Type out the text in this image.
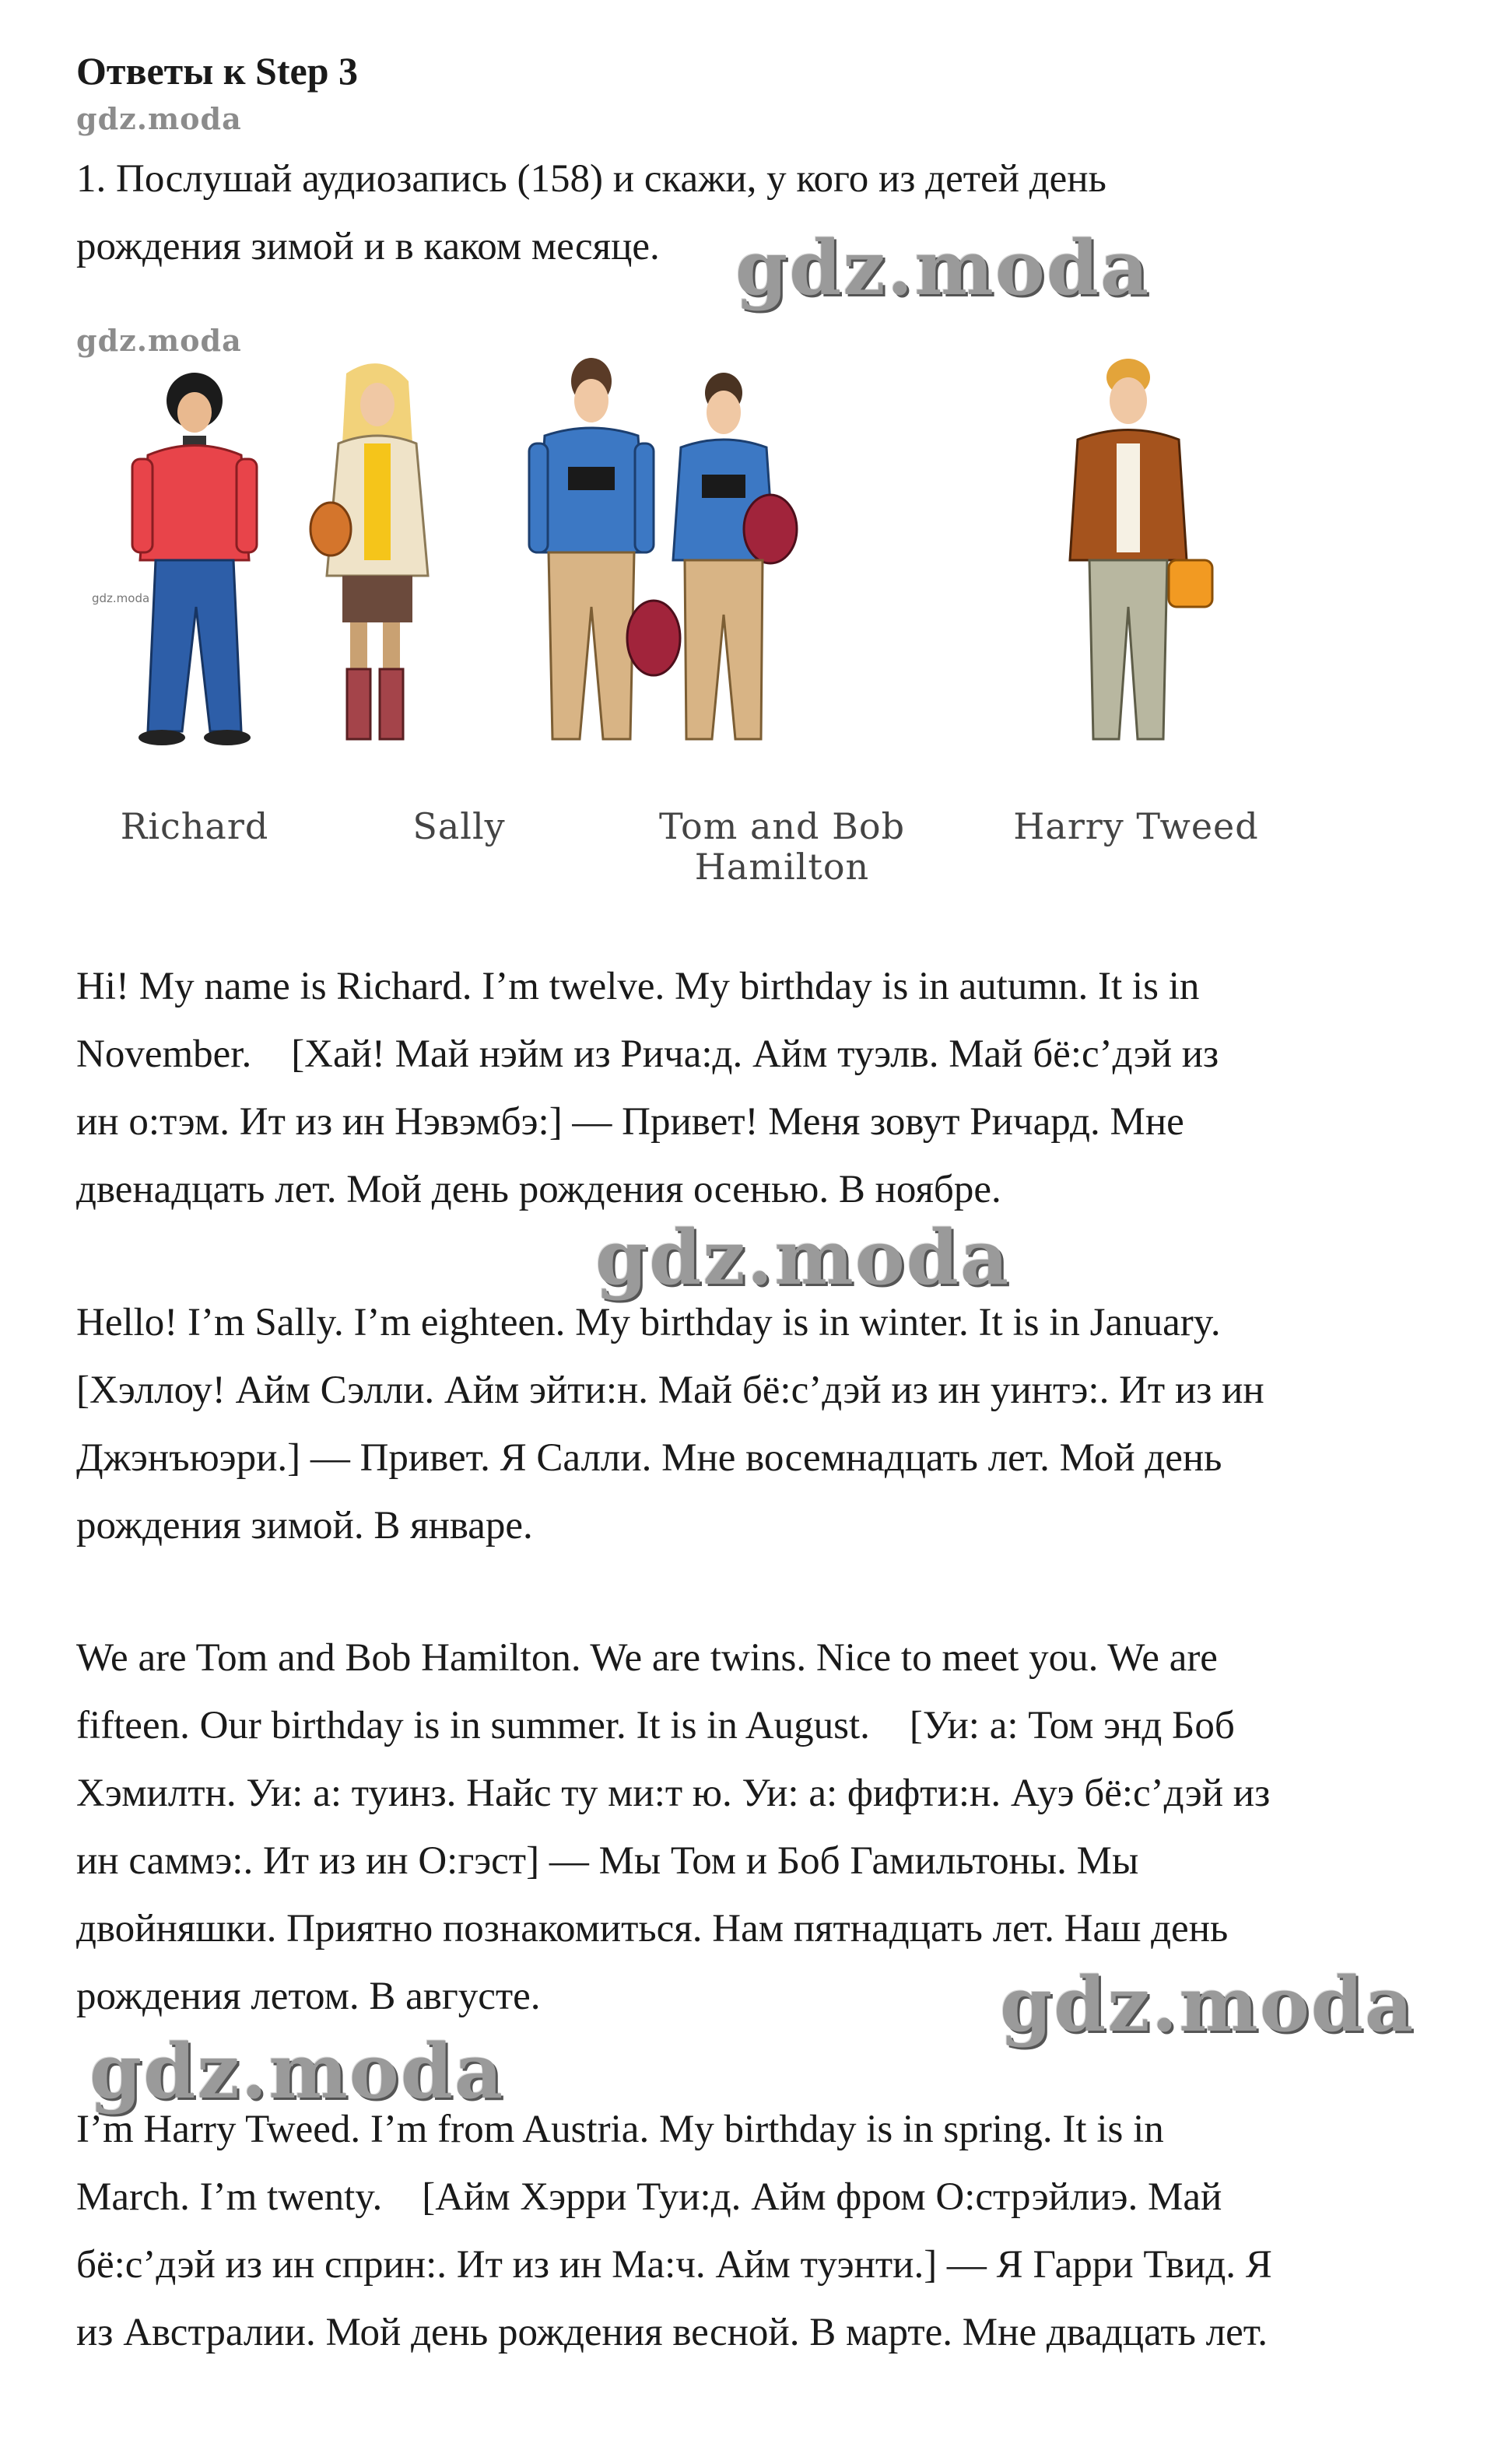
Ответы к Step 3
gdz.moda
1. Послушай аудиозапись (158) и скажи, у кого из детей день
рождения зимой и в каком месяце.	gdz.moda
gdz.moda
gdz.moda
Richard	Sally	Tom and Bob
Hamilton
Harry Tweed
Hi! My name is Richard. I’m twelve. My birthday is in autumn. It is in
November.    [Хай! Май нэйм из Рича:д. Айм туэлв. Май бё:с’дэй из
ин о:тэм. Ит из ин Нэвэмбэ:] — Привет! Меня зовут Ричард. Мне
двенадцать лет. Мой день рождения осенью. В ноябре.
gdz.moda
Hello! I’m Sally. I’m eighteen. My birthday is in winter. It is in January.
[Хэллоу! Айм Сэлли. Айм эйти:н. Май бё:с’дэй из ин уинтэ:. Ит из ин
Джэнъюэри.] — Привет. Я Салли. Мне восемнадцать лет. Мой день
рождения зимой. В январе.
We are Tom and Bob Hamilton. We are twins. Nice to meet you. We are
fifteen. Our birthday is in summer. It is in August.    [Уи: а: Том энд Боб
Хэмилтн. Уи: а: туинз. Найс ту ми:т ю. Уи: а: фифти:н. Ауэ бё:с’дэй из
ин саммэ:. Ит из ин О:гэст] — Мы Том и Боб Гамильтоны. Мы
двойняшки. Приятно познакомиться. Нам пятнадцать лет. Наш день
рождения летом. В августе.	gdz.moda
gdz.moda
I’m Harry Tweed. I’m from Austria. My birthday is in spring. It is in
March. I’m twenty.    [Айм Хэрри Туи:д. Айм фром О:стрэйлиэ. Май
бё:с’дэй из ин сприн:. Ит из ин Ма:ч. Айм туэнти.] — Я Гарри Твид. Я
из Австралии. Мой день рождения весной. В марте. Мне двадцать лет.
